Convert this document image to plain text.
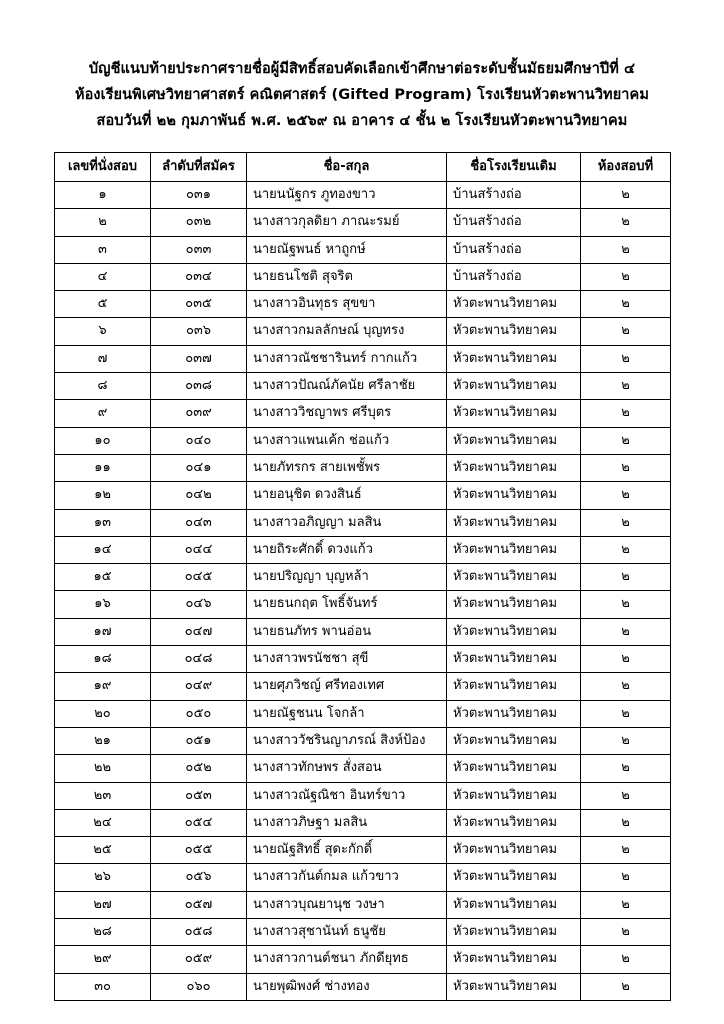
บัญชีแนบท้ายประกาศรายชื่อผู้มีสิทธิ์สอบคัดเลือกเข้าศึกษาต่อระดับชั้นมัธยมศึกษาปีที่ ๔
ห้องเรียนพิเศษวิทยาศาสตร์ คณิตศาสตร์ (Gifted Program) โรงเรียนหัวตะพานวิทยาคม
สอบวันที่ ๒๒ กุมภาพันธ์ พ.ศ. ๒๕๖๙ ณ อาคาร ๔ ชั้น ๒ โรงเรียนหัวตะพานวิทยาคม
เลขที่นั่งสอบ	ลำดับที่สมัคร	ชื่อ-สกุล	ชื่อโรงเรียนเดิม	ห้องสอบที่
๑	๐๓๑	นายนนัฐกร ภูทองขาว	บ้านสร้างถ่อ	๒
๒	๐๓๒	นางสาวกุลดิยา ภาณะรมย์	บ้านสร้างถ่อ	๒
๓	๐๓๓	นายณัฐพนธ์ หาถูกษ์	บ้านสร้างถ่อ	๒
๔	๐๓๔	นายธนโชติ สุจริต	บ้านสร้างถ่อ	๒
๕	๐๓๕	นางสาวอินทุธร สุขขา	หัวตะพานวิทยาคม	๒
๖	๐๓๖	นางสาวกมลลักษณ์ บุญทรง	หัวตะพานวิทยาคม	๒
๗	๐๓๗	นางสาวณัชชารินทร์ กากแก้ว	หัวตะพานวิทยาคม	๒
๘	๐๓๘	นางสาวปัณณ์ภัคนัย ศรีลาชัย	หัวตะพานวิทยาคม	๒
๙	๐๓๙	นางสาววิชญาพร ศรีบุตร	หัวตะพานวิทยาคม	๒
๑๐	๐๔๐	นางสาวแพนเค้ก ช่อแก้ว	หัวตะพานวิทยาคม	๒
๑๑	๐๔๑	นายภัทรกร สายเพชั้พร	หัวตะพานวิทยาคม	๒
๑๒	๐๔๒	นายอนุชิต ดวงสินธ์	หัวตะพานวิทยาคม	๒
๑๓	๐๔๓	นางสาวอภิญญา มลสิน	หัวตะพานวิทยาคม	๒
๑๔	๐๔๔	นายถิระศักดิ์ ดวงแก้ว	หัวตะพานวิทยาคม	๒
๑๕	๐๔๕	นายปริญญา บุญหล้า	หัวตะพานวิทยาคม	๒
๑๖	๐๔๖	นายธนกฤต โพธิ์จันทร์	หัวตะพานวิทยาคม	๒
๑๗	๐๔๗	นายธนภัทร พานอ่อน	หัวตะพานวิทยาคม	๒
๑๘	๐๔๘	นางสาวพรนัชชา สุขี	หัวตะพานวิทยาคม	๒
๑๙	๐๔๙	นายศุภวิชญ์ ศรีทองเทศ	หัวตะพานวิทยาคม	๒
๒๐	๐๕๐	นายณัฐชนน โจกล้า	หัวตะพานวิทยาคม	๒
๒๑	๐๕๑	นางสาววัชรินญาภรณ์ สิงห์ป้อง	หัวตะพานวิทยาคม	๒
๒๒	๐๕๒	นางสาวทักษพร สั่งสอน	หัวตะพานวิทยาคม	๒
๒๓	๐๕๓	นางสาวณัฐณิชา อินทร์ขาว	หัวตะพานวิทยาคม	๒
๒๔	๐๕๔	นางสาวภิษฐา มลสิน	หัวตะพานวิทยาคม	๒
๒๕	๐๕๕	นายณัฐสิทธิ์ สุดะกักดิ์	หัวตะพานวิทยาคม	๒
๒๖	๐๕๖	นางสาวกันต์กมล แก้วขาว	หัวตะพานวิทยาคม	๒
๒๗	๐๕๗	นางสาวบุณยานุช วงษา	หัวตะพานวิทยาคม	๒
๒๘	๐๕๘	นางสาวสุชานันท์ ธนูชัย	หัวตะพานวิทยาคม	๒
๒๙	๐๕๙	นางสาวกานต์ชนา ภักดียุทธ	หัวตะพานวิทยาคม	๒
๓๐	๐๖๐	นายพุฒิพงศ์ ช่างทอง	หัวตะพานวิทยาคม	๒
